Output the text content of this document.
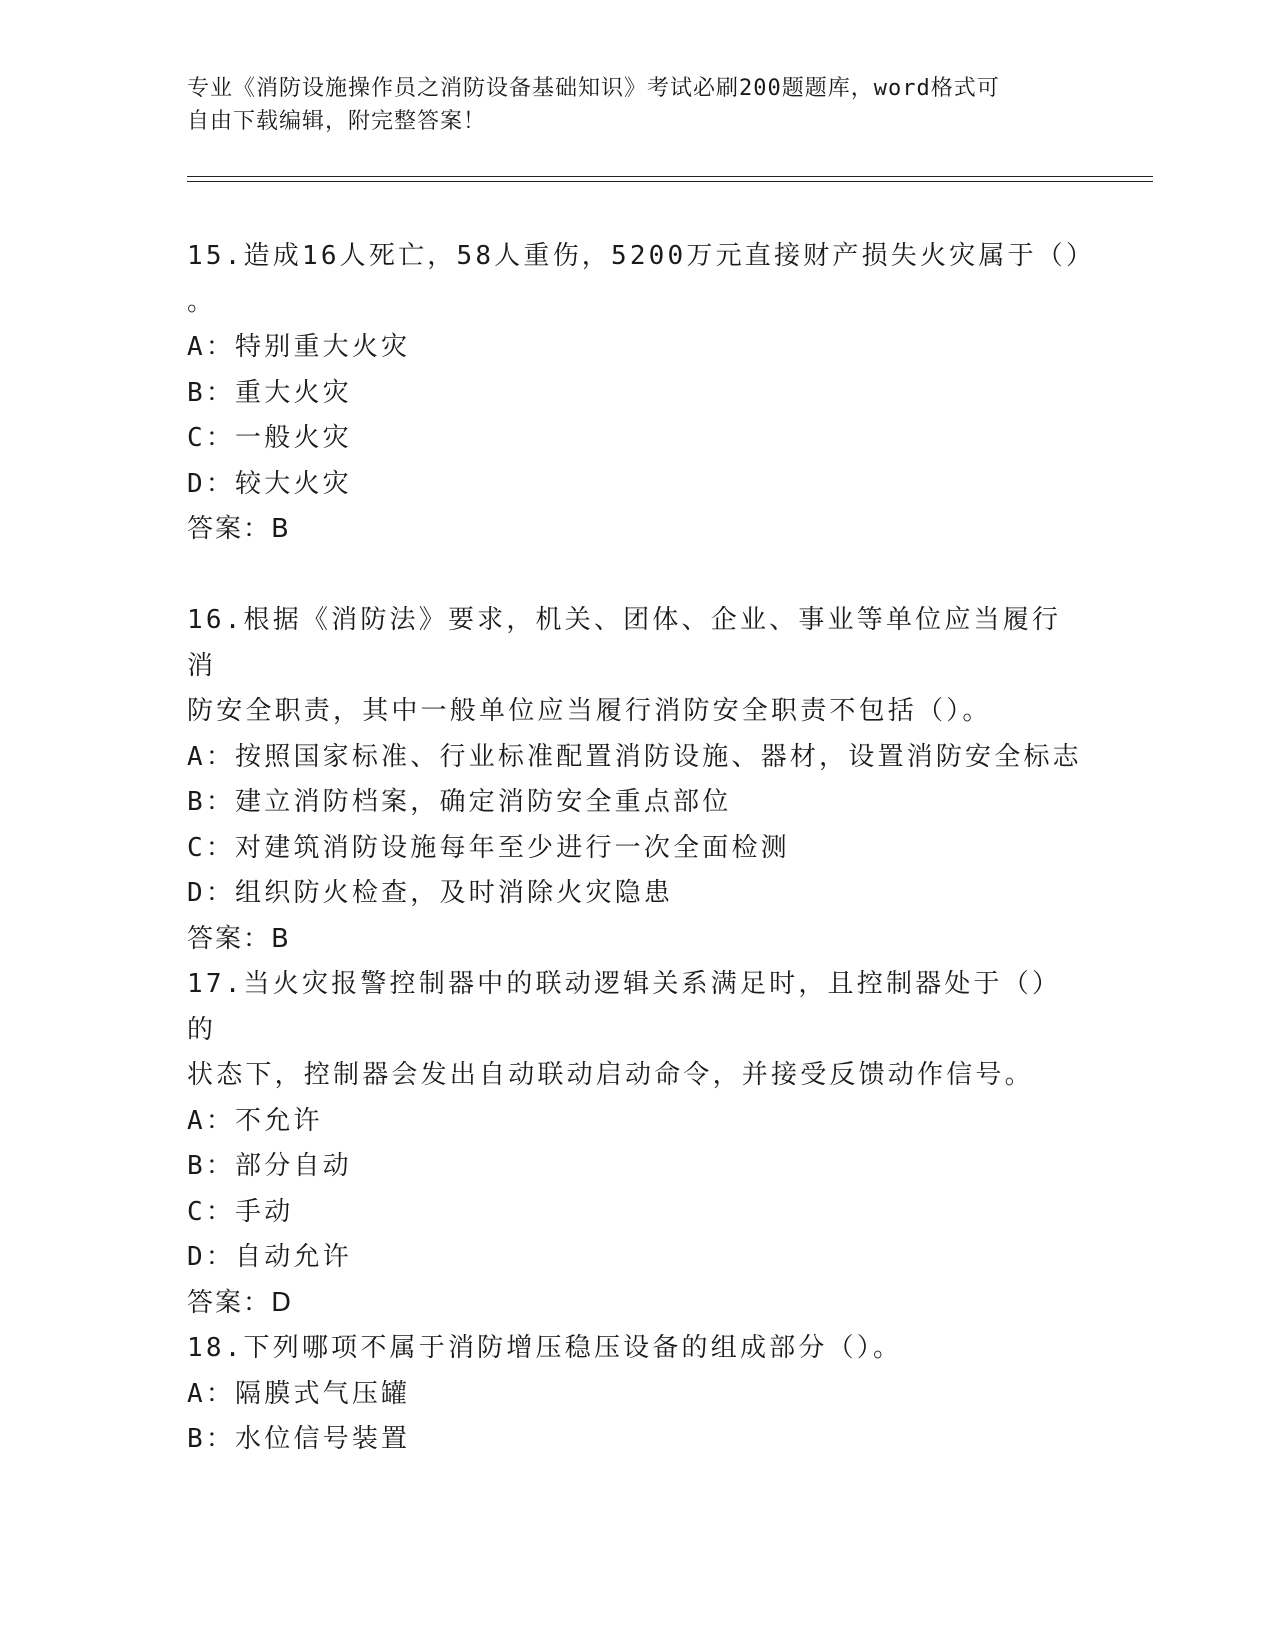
专业《消防设施操作员之消防设备基础知识》考试必刷200题题库，word格式可
自由下载编辑，附完整答案！

15.造成16人死亡，58人重伤，5200万元直接财产损失火灾属于（）

。

A：特别重大火灾

B：重大火灾

C：一般火灾

D：较大火灾

答案：B

16.根据《消防法》要求，机关、团体、企业、事业等单位应当履行消

防安全职责，其中一般单位应当履行消防安全职责不包括（）。

A：按照国家标准、行业标准配置消防设施、器材，设置消防安全标志

B：建立消防档案，确定消防安全重点部位

C：对建筑消防设施每年至少进行一次全面检测

D：组织防火检查，及时消除火灾隐患

答案：B

17.当火灾报警控制器中的联动逻辑关系满足时，且控制器处于（）的

状态下，控制器会发出自动联动启动命令，并接受反馈动作信号。

A：不允许

B：部分自动

C：手动

D：自动允许

答案：D

18.下列哪项不属于消防增压稳压设备的组成部分（）。

A：隔膜式气压罐

B：水位信号装置
